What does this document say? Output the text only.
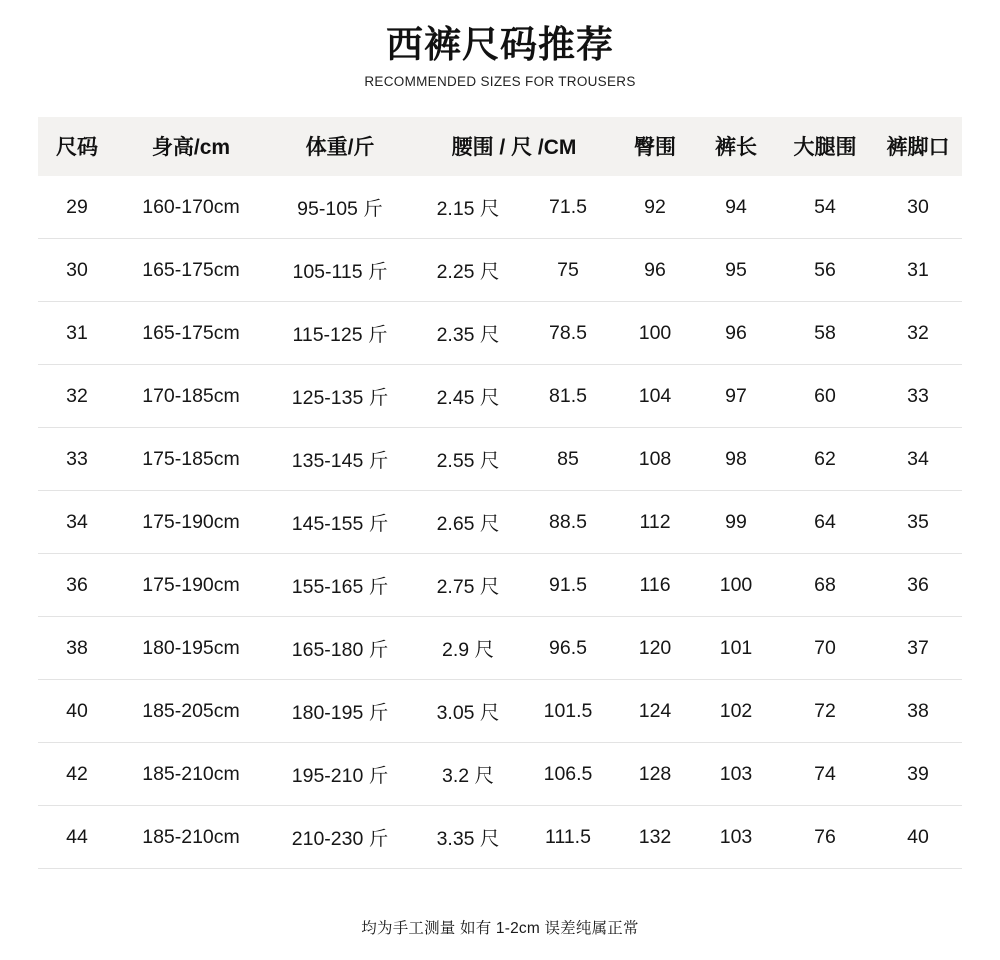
西裤尺码推荐
RECOMMENDED SIZES FOR TROUSERS
尺码	身高/cm	体重/斤	腰围 / 尺 /CM		臀围	裤长	大腿围	裤脚口
29	160-170cm	95-105 斤	2.15 尺	71.5	92	94	54	30
30	165-175cm	105-115 斤	2.25 尺	75	96	95	56	31
31	165-175cm	115-125 斤	2.35 尺	78.5	100	96	58	32
32	170-185cm	125-135 斤	2.45 尺	81.5	104	97	60	33
33	175-185cm	135-145 斤	2.55 尺	85	108	98	62	34
34	175-190cm	145-155 斤	2.65 尺	88.5	112	99	64	35
36	175-190cm	155-165 斤	2.75 尺	91.5	116	100	68	36
38	180-195cm	165-180 斤	2.9 尺	96.5	120	101	70	37
40	185-205cm	180-195 斤	3.05 尺	101.5	124	102	72	38
42	185-210cm	195-210 斤	3.2 尺	106.5	128	103	74	39
44	185-210cm	210-230 斤	3.35 尺	111.5	132	103	76	40
均为手工测量 如有 1-2cm 误差纯属正常
